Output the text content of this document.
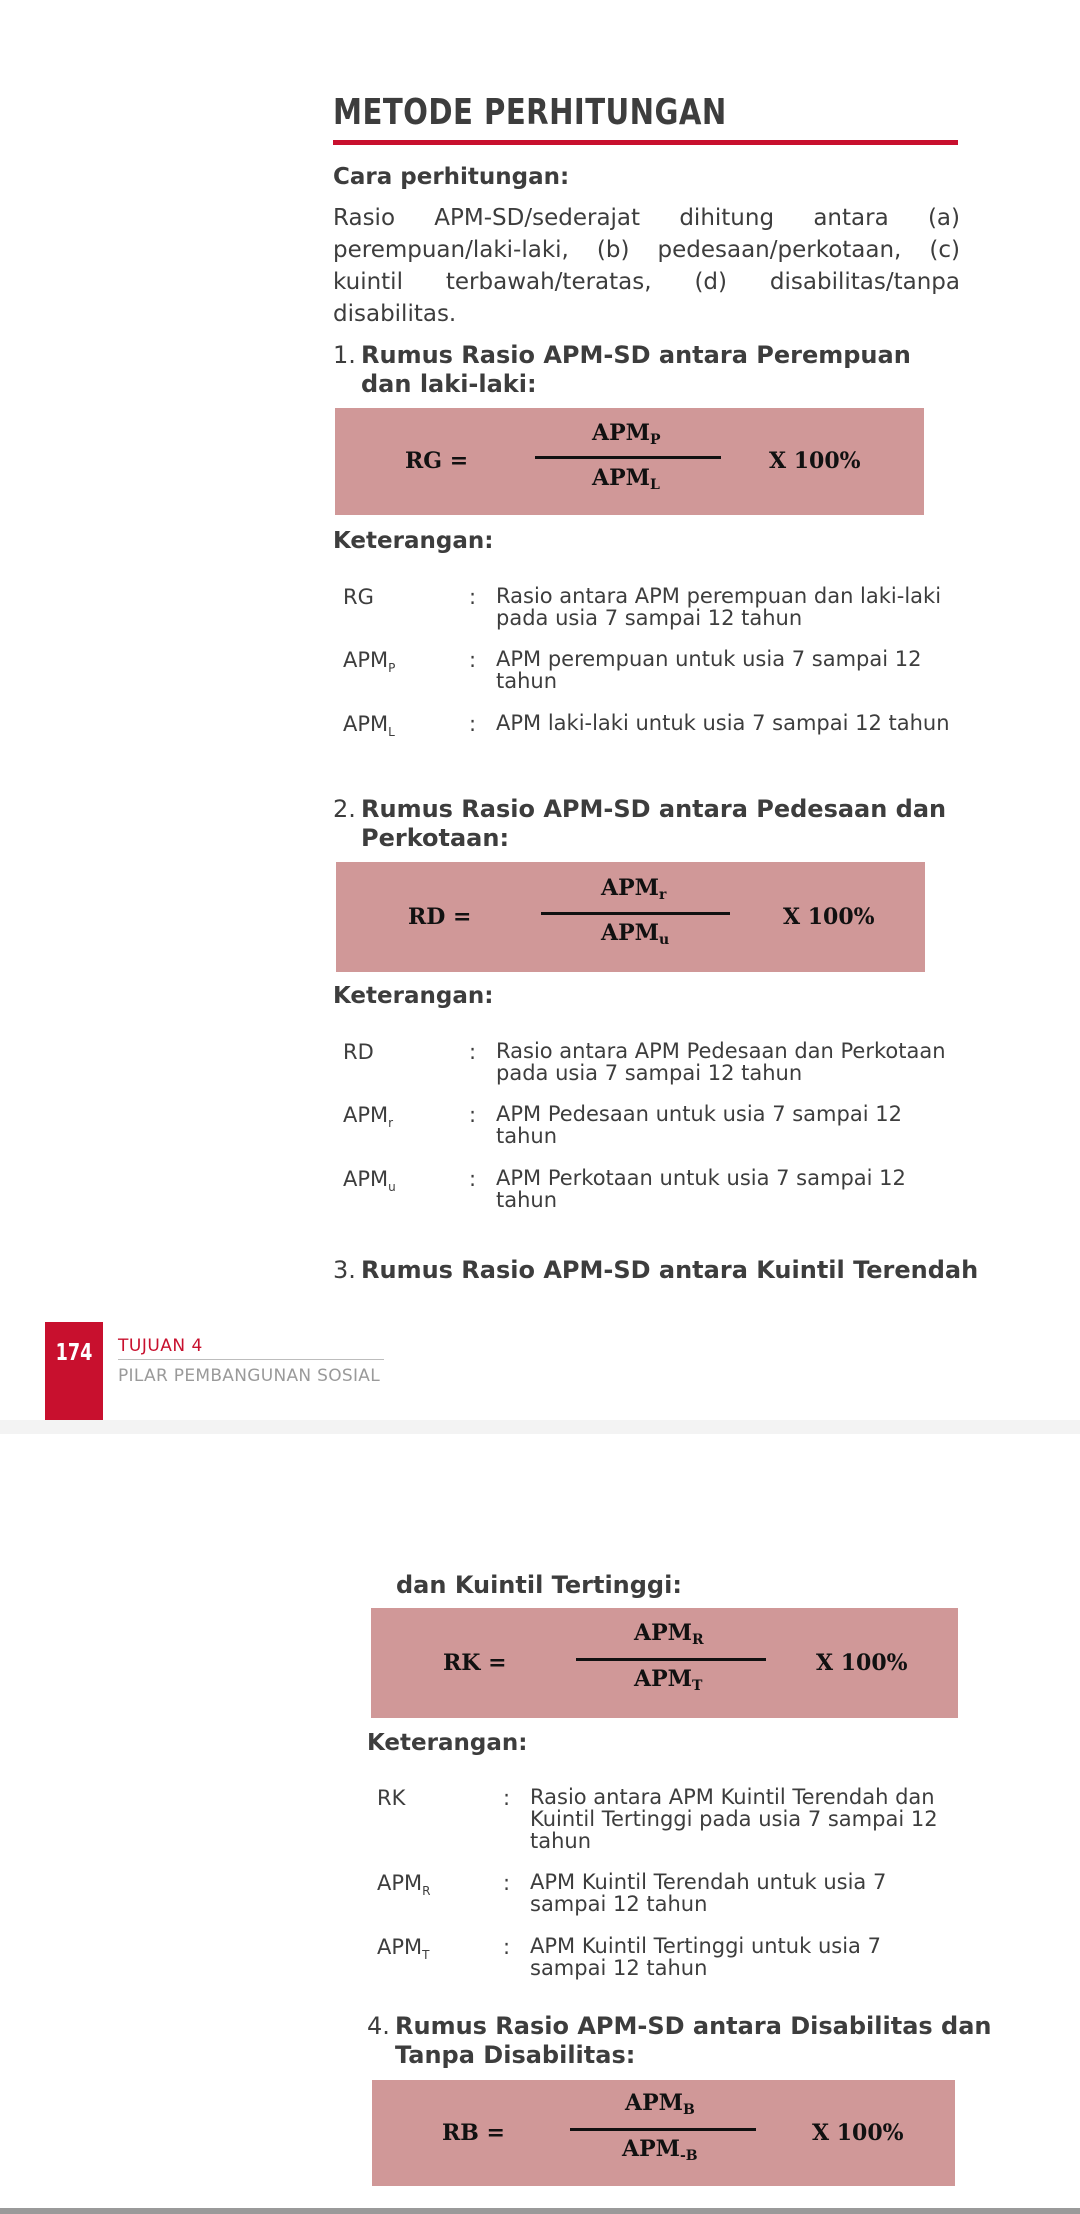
METODE PERHITUNGAN

Cara perhitungan:

Rasio APM-SD/sederajat dihitung antara (a) perempuan/laki-laki, (b) pedesaan/perkotaan, (c) kuintil terbawah/teratas, (d) disabilitas/tanpa disabilitas.

1. Rumus Rasio APM-SD antara Perempuan dan laki-laki:
RG =
$APM_P$
$APM_L$
X 100%

Keterangan:

RG	: Rasio antara APM perempuan dan laki-laki pada usia 7 sampai 12 tahun
$APM_P$	: APM perempuan untuk usia 7 sampai 12 tahun
$APM_L$	: APM laki-laki untuk usia 7 sampai 12 tahun
2. Rumus Rasio APM-SD antara Pedesaan dan Perkotaan:
RD =
$APM_r$
$APM_u$
X 100%

Keterangan:

RD	: Rasio antara APM Pedesaan dan Perkotaan pada usia 7 sampai 12 tahun
$APM_r$	: APM Pedesaan untuk usia 7 sampai 12 tahun
$APM_u$	: APM Perkotaan untuk usia 7 sampai 12 tahun
3. Rumus Rasio APM-SD antara Kuintil Terendah
174	TUJUAN 4
PILAR PEMBANGUNAN SOSIAL
dan Kuintil Tertinggi:
RK =
$APM_R$
$APM_T$
X 100%

Keterangan:

RK	: Rasio antara APM Kuintil Terendah dan Kuintil Tertinggi pada usia 7 sampai 12 tahun
$APM_R$	: APM Kuintil Terendah untuk usia 7 sampai 12 tahun
$APM_T$	: APM Kuintil Tertinggi untuk usia 7 sampai 12 tahun
4. Rumus Rasio APM-SD antara Disabilitas dan Tanpa Disabilitas:
RB =
$APM_B$
$APM_{-B}$
X 100%
